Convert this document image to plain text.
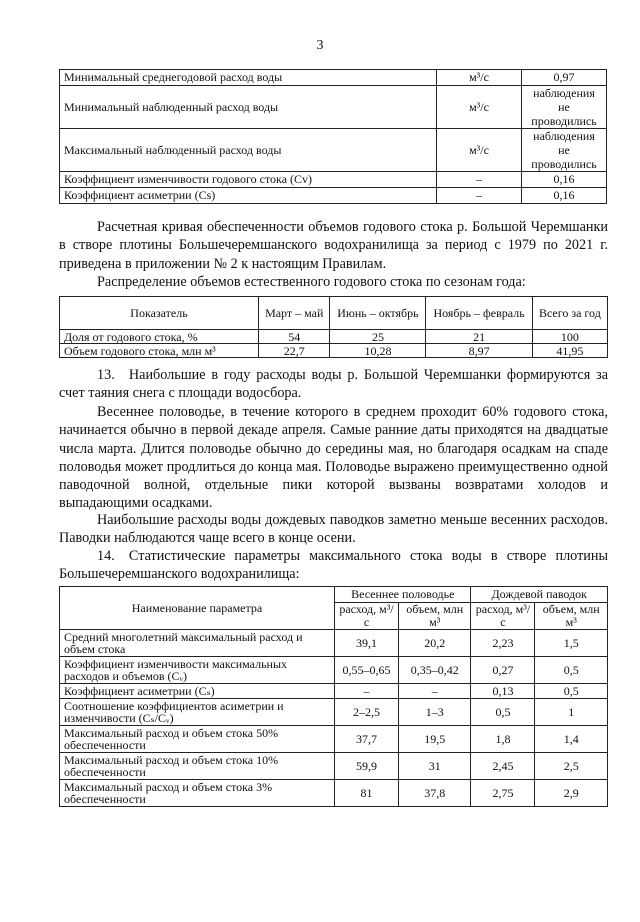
3
Минимальный среднегодовой расход воды	м³/с	0,97
Минимальный наблюденный расход воды	м³/с	наблюдения не проводились
Максимальный наблюденный расход воды	м³/с	наблюдения не проводились
Коэффициент изменчивости годового стока (Cv)	–	0,16
Коэффициент асиметрии (Cs)	–	0,16

Расчетная кривая обеспеченности объемов годового стока р. Большой Черемшанки в створе плотины Большечеремшанского водохранилища за период с 1979 по 2021 г. приведена в приложении № 2 к настоящим Правилам.

Распределение объемов естественного годового стока по сезонам года:

Показатель	Март – май	Июнь – октябрь	Ноябрь – февраль	Всего за год
Доля от годового стока, %	54	25	21	100
Объем годового стока, млн м³	22,7	10,28	8,97	41,95

13. Наибольшие в году расходы воды р. Большой Черемшанки формируются за счет таяния снега с площади водосбора.

Весеннее половодье, в течение которого в среднем проходит 60% годового стока, начинается обычно в первой декаде апреля. Самые ранние даты приходятся на двадцатые числа марта. Длится половодье обычно до середины мая, но благодаря осадкам на спаде половодья может продлиться до конца мая. Половодье выражено преимущественно одной паводочной волной, отдельные пики которой вызваны возвратами холодов и выпадающими осадками.

Наибольшие расходы воды дождевых паводков заметно меньше весенних расходов. Паводки наблюдаются чаще всего в конце осени.

14. Статистические параметры максимального стока воды в створе плотины Большечеремшанского водохранилища:

Наименование параметра	Весеннее половодье		Дождевой паводок	
	расход, м³/с	объем, млн м³	расход, м³/с	объем, млн м³
Средний многолетний максимальный расход и объем стока	39,1	20,2	2,23	1,5
Коэффициент изменчивости максимальных расходов и объемов (Cᵥ)	0,55–0,65	0,35–0,42	0,27	0,5
Коэффициент асиметрии (Cₛ)	–	–	0,13	0,5
Соотношение коэффициентов асиметрии и изменчивости (Cₛ/Cᵥ)	2–2,5	1–3	0,5	1
Максимальный расход и объем стока 50% обеспеченности	37,7	19,5	1,8	1,4
Максимальный расход и объем стока 10% обеспеченности	59,9	31	2,45	2,5
Максимальный расход и объем стока 3% обеспеченности	81	37,8	2,75	2,9
